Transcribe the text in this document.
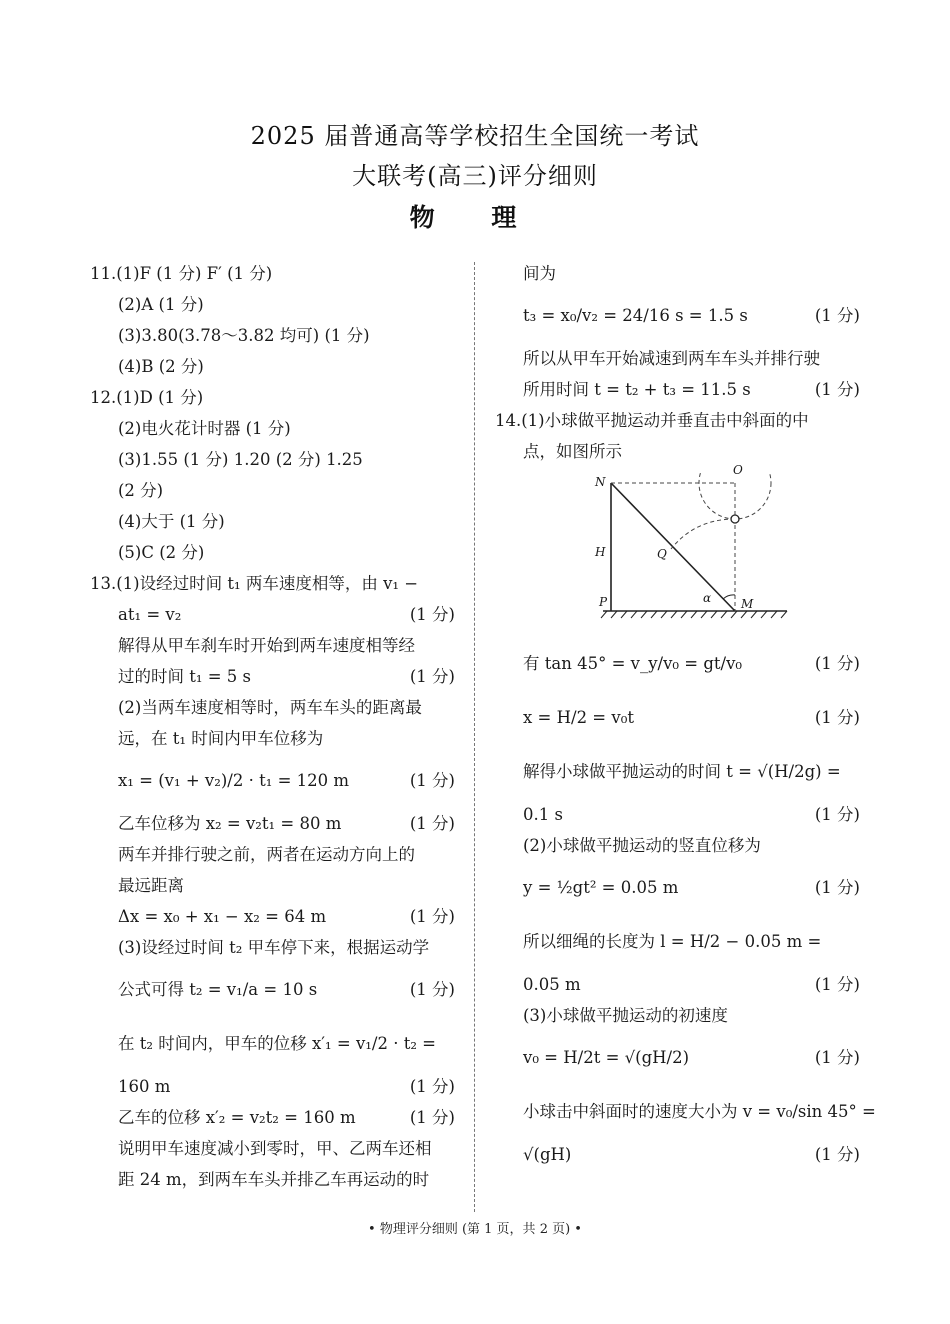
2025 届普通高等学校招生全国统一考试
大联考(高三)评分细则
物 理
11.(1)F (1 分) F′ (1 分)
(2)A (1 分)
(3)3.80(3.78～3.82 均可) (1 分)
(4)B (2 分)
12.(1)D (1 分)
(2)电火花计时器 (1 分)
(3)1.55 (1 分) 1.20 (2 分) 1.25
(2 分)
(4)大于 (1 分)
(5)C (2 分)
13.(1)设经过时间 t₁ 两车速度相等，由 v₁ −
at₁ = v₂	(1 分)
解得从甲车刹车时开始到两车速度相等经
过的时间 t₁ = 5 s	(1 分)
(2)当两车速度相等时，两车车头的距离最
远，在 t₁ 时间内甲车位移为
x₁ = (v₁ + v₂)/2 · t₁ = 120 m	(1 分)
乙车位移为 x₂ = v₂t₁ = 80 m	(1 分)
两车并排行驶之前，两者在运动方向上的
最远距离
Δx = x₀ + x₁ − x₂ = 64 m	(1 分)
(3)设经过时间 t₂ 甲车停下来，根据运动学
公式可得 t₂ = v₁/a = 10 s	(1 分)
在 t₂ 时间内，甲车的位移 x′₁ = v₁/2 · t₂ =
160 m	(1 分)
乙车的位移 x′₂ = v₂t₂ = 160 m	(1 分)
说明甲车速度减小到零时，甲、乙两车还相
距 24 m，到两车车头并排乙车再运动的时
间为
t₃ = x₀/v₂ = 24/16 s = 1.5 s	(1 分)
所以从甲车开始减速到两车车头并排行驶
所用时间 t = t₂ + t₃ = 11.5 s	(1 分)
14.(1)小球做平抛运动并垂直击中斜面的中
点，如图所示
N
O
H	Q
P	α M
有 tan 45° = v_y/v₀ = gt/v₀	(1 分)
x = H/2 = v₀t	(1 分)
解得小球做平抛运动的时间 t = √(H/2g) =
0.1 s	(1 分)
(2)小球做平抛运动的竖直位移为
y = ½gt² = 0.05 m	(1 分)
所以细绳的长度为 l = H/2 − 0.05 m =
0.05 m	(1 分)
(3)小球做平抛运动的初速度
v₀ = H/2t = √(gH/2)	(1 分)
小球击中斜面时的速度大小为 v = v₀/sin 45° =
√(gH)	(1 分)
• 物理评分细则 (第 1 页，共 2 页) •
